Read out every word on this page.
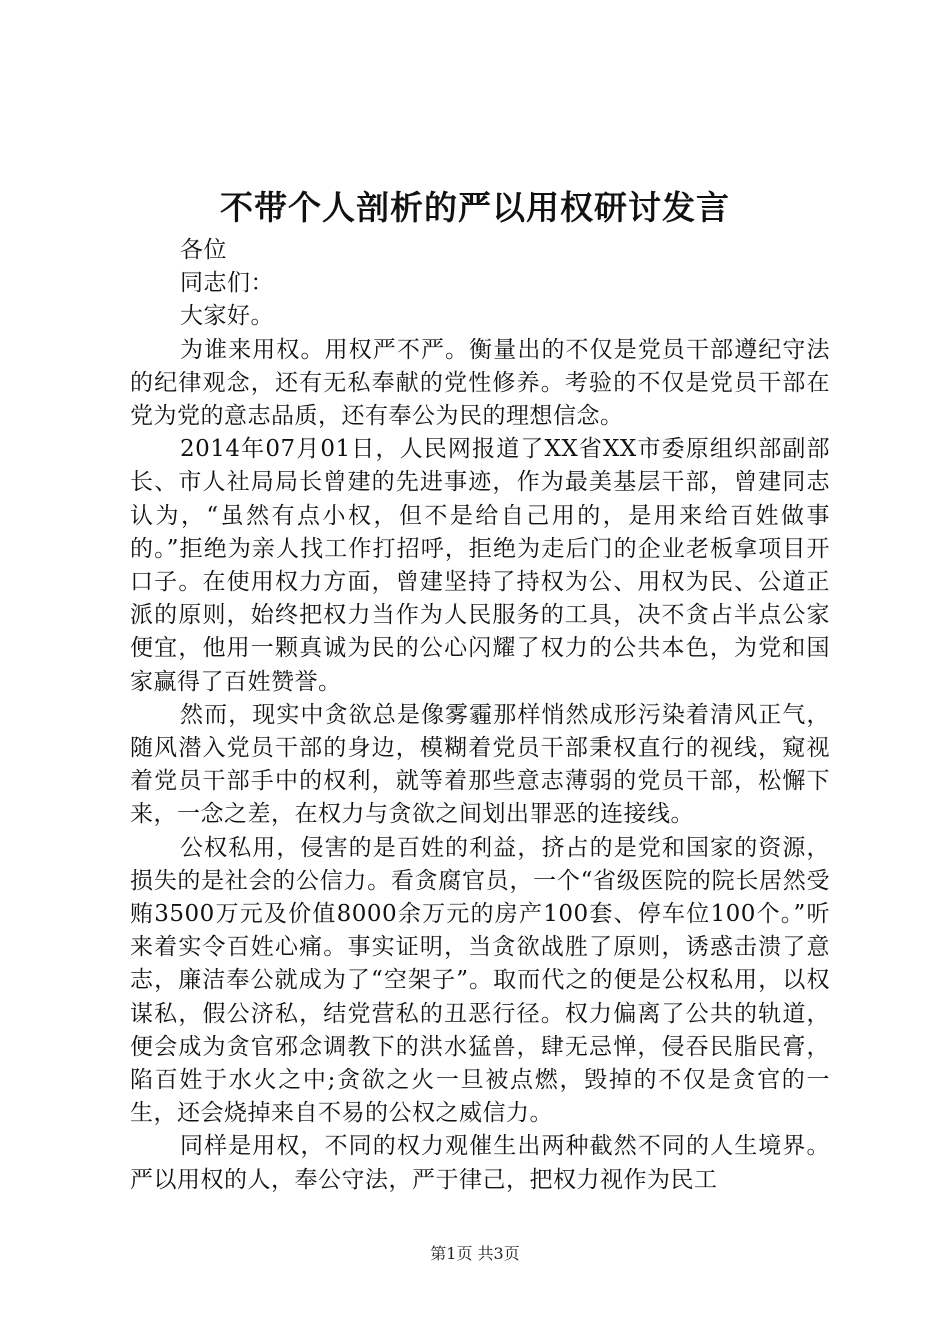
不带个人剖析的严以用权研讨发言

各位

同志们：

大家好。

为谁来用权。用权严不严。衡量出的不仅是党员干部遵纪守法的纪律观念，还有无私奉献的党性修养。考验的不仅是党员干部在党为党的意志品质，还有奉公为民的理想信念。

2014年07月01日，人民网报道了XX省XX市委原组织部副部长、市人社局局长曾建的先进事迹，作为最美基层干部，曾建同志认为，“虽然有点小权，但不是给自己用的，是用来给百姓做事的。”拒绝为亲人找工作打招呼，拒绝为走后门的企业老板拿项目开口子。在使用权力方面，曾建坚持了持权为公、用权为民、公道正派的原则，始终把权力当作为人民服务的工具，决不贪占半点公家便宜，他用一颗真诚为民的公心闪耀了权力的公共本色，为党和国家赢得了百姓赞誉。

然而，现实中贪欲总是像雾霾那样悄然成形污染着清风正气，随风潜入党员干部的身边，模糊着党员干部秉权直行的视线，窥视着党员干部手中的权利，就等着那些意志薄弱的党员干部，松懈下来，一念之差，在权力与贪欲之间划出罪恶的连接线。

公权私用，侵害的是百姓的利益，挤占的是党和国家的资源，损失的是社会的公信力。看贪腐官员，一个“省级医院的院长居然受贿3500万元及价值8000余万元的房产100套、停车位100个。”听来着实令百姓心痛。事实证明，当贪欲战胜了原则，诱惑击溃了意志，廉洁奉公就成为了“空架子”。取而代之的便是公权私用，以权谋私，假公济私，结党营私的丑恶行径。权力偏离了公共的轨道，便会成为贪官邪念调教下的洪水猛兽，肆无忌惮，侵吞民脂民膏，陷百姓于水火之中;贪欲之火一旦被点燃，毁掉的不仅是贪官的一生，还会烧掉来自不易的公权之威信力。

同样是用权，不同的权力观催生出两种截然不同的人生境界。严以用权的人，奉公守法，严于律己，把权力视作为民工

第1页 共3页
